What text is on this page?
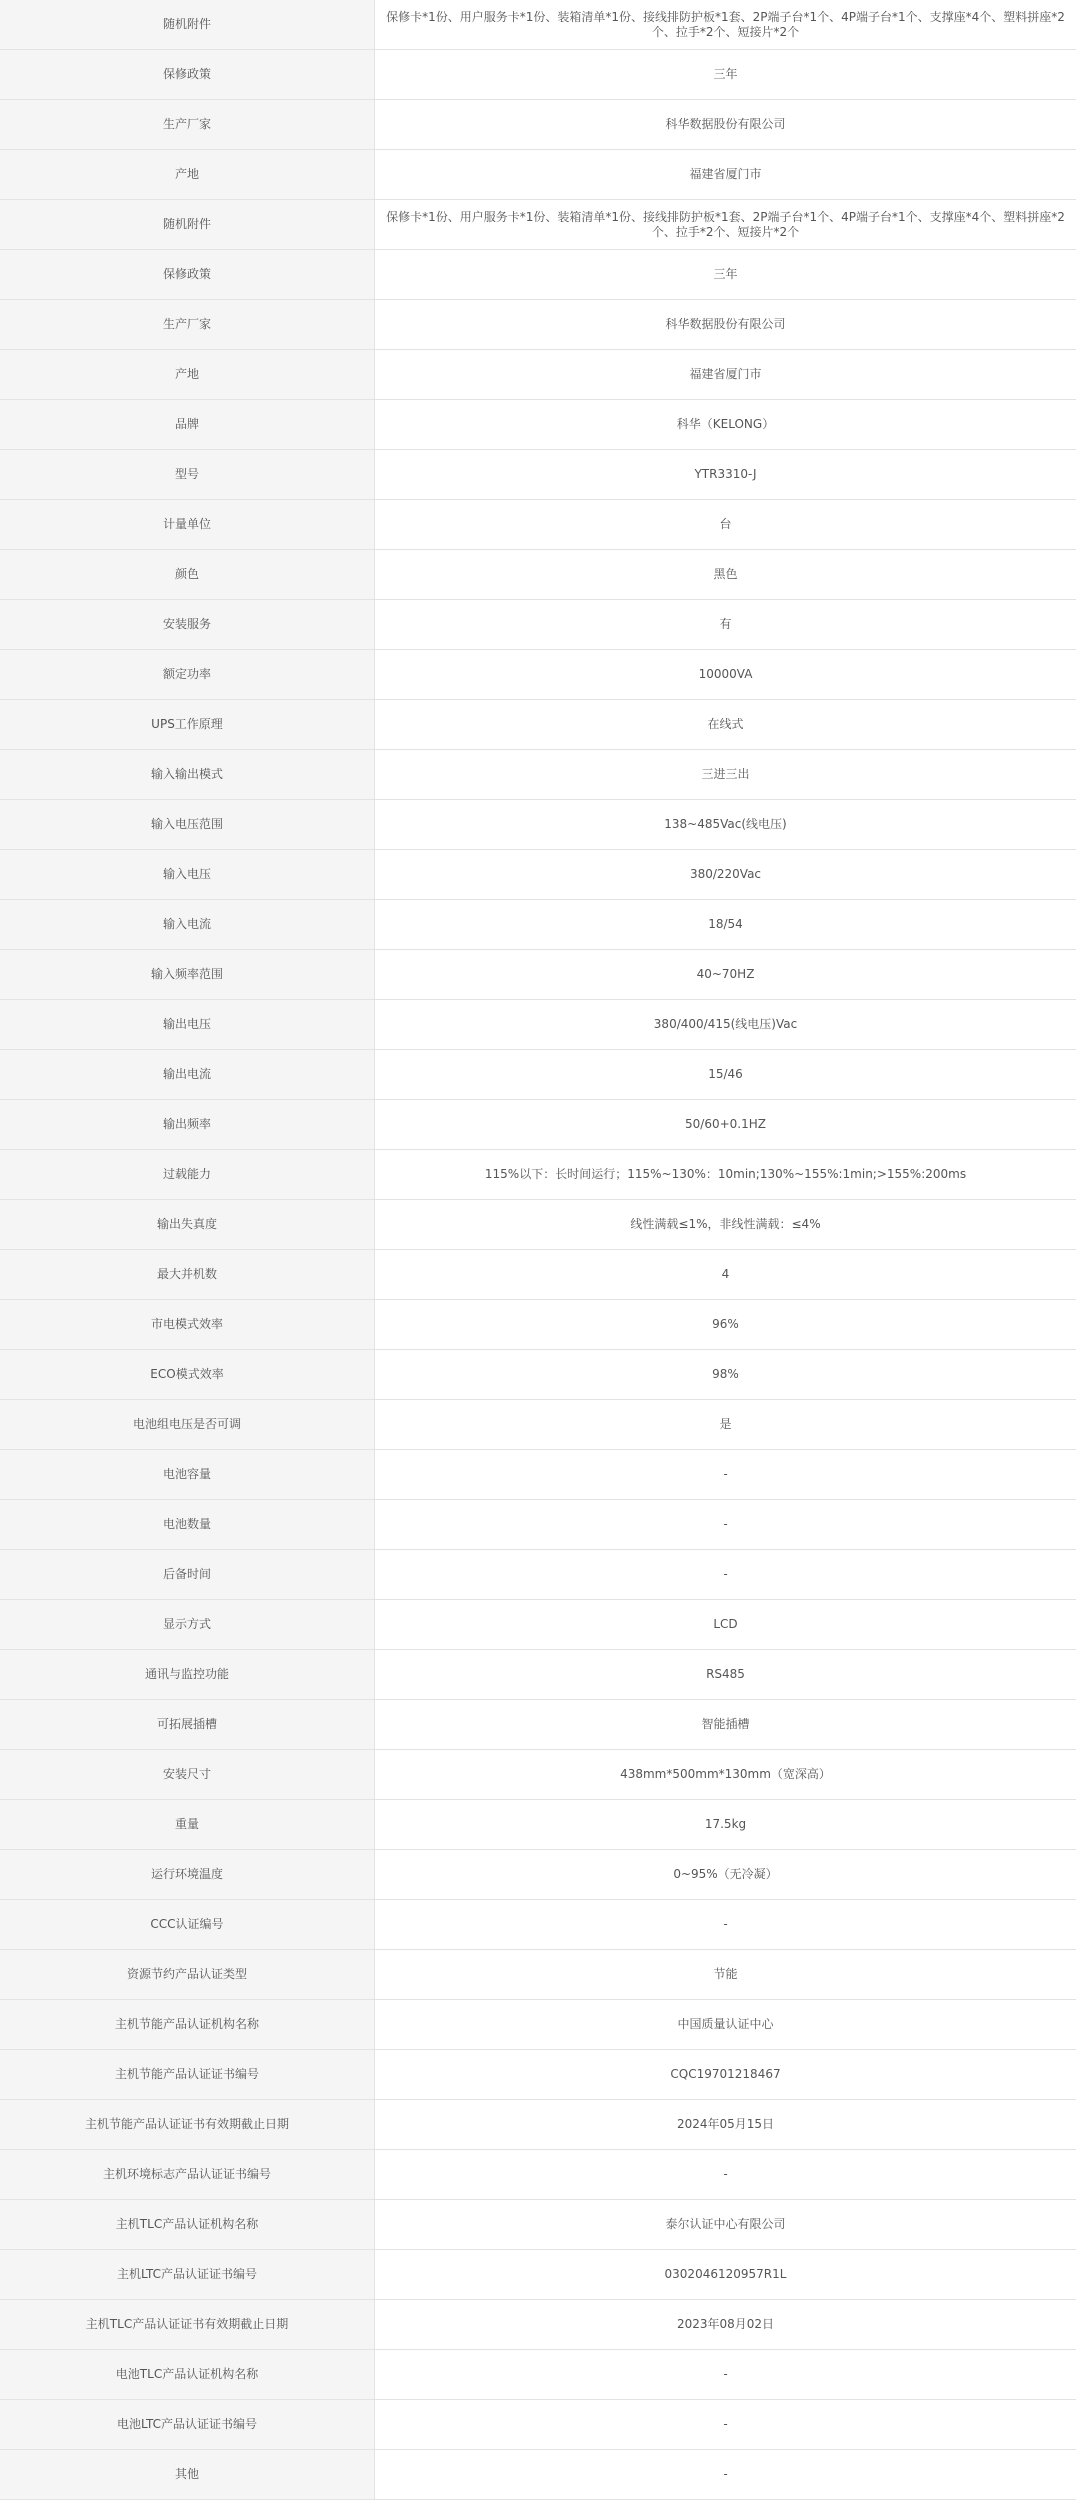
随机附件	保修卡*1份、用户服务卡*1份、装箱清单*1份、接线排防护板*1套、2P端子台*1个、4P端子台*1个、支撑座*4个、塑料拼座*2个、拉手*2个、短接片*2个
保修政策	三年
生产厂家	科华数据股份有限公司
产地	福建省厦门市
随机附件	保修卡*1份、用户服务卡*1份、装箱清单*1份、接线排防护板*1套、2P端子台*1个、4P端子台*1个、支撑座*4个、塑料拼座*2个、拉手*2个、短接片*2个
保修政策	三年
生产厂家	科华数据股份有限公司
产地	福建省厦门市
品牌	科华（KELONG）
型号	YTR3310-J
计量单位	台
颜色	黑色
安装服务	有
额定功率	10000VA
UPS工作原理	在线式
输入输出模式	三进三出
输入电压范围	138~485Vac(线电压)
输入电压	380/220Vac
输入电流	18/54
输入频率范围	40~70HZ
输出电压	380/400/415(线电压)Vac
输出电流	15/46
输出频率	50/60+0.1HZ
过载能力	115%以下：长时间运行；115%~130%：10min;130%~155%:1min;>155%:200ms
输出失真度	线性满载≤1%，非线性满载：≤4%
最大并机数	4
市电模式效率	96%
ECO模式效率	98%
电池组电压是否可调	是
电池容量	-
电池数量	-
后备时间	-
显示方式	LCD
通讯与监控功能	RS485
可拓展插槽	智能插槽
安装尺寸	438mm*500mm*130mm（宽深高）
重量	17.5kg
运行环境温度	0~95%（无冷凝）
CCC认证编号	-
资源节约产品认证类型	节能
主机节能产品认证机构名称	中国质量认证中心
主机节能产品认证证书编号	CQC19701218467
主机节能产品认证证书有效期截止日期	2024年05月15日
主机环境标志产品认证证书编号	-
主机TLC产品认证机构名称	泰尔认证中心有限公司
主机LTC产品认证证书编号	0302046120957R1L
主机TLC产品认证证书有效期截止日期	2023年08月02日
电池TLC产品认证机构名称	-
电池LTC产品认证证书编号	-
其他	-
